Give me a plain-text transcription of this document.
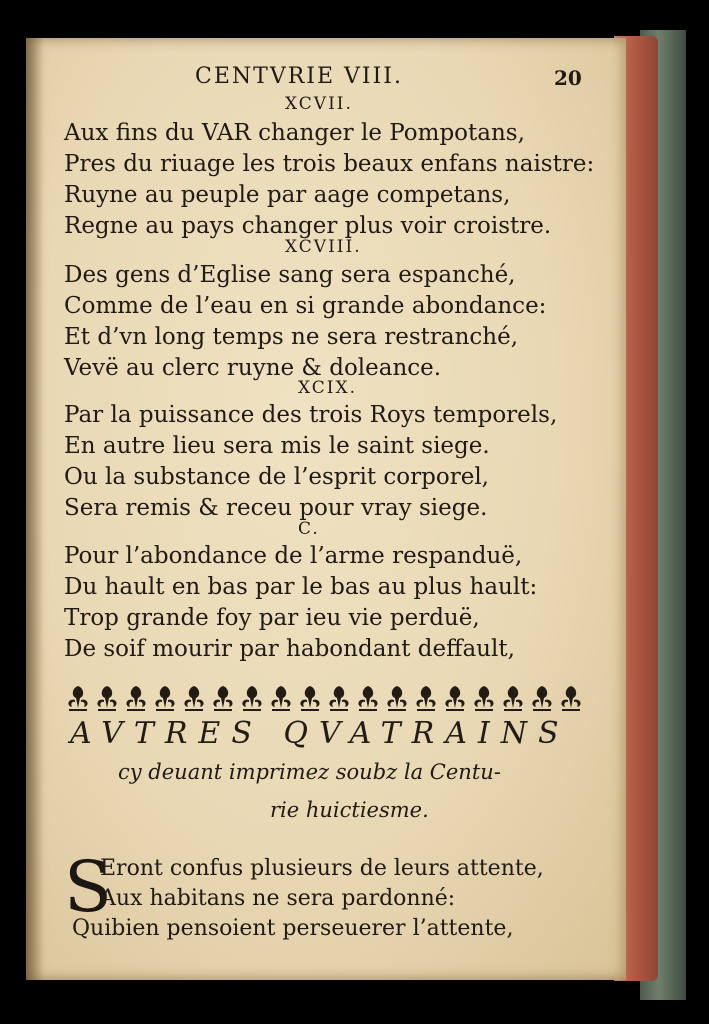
CENTVRIE VIII.	20
XCVII.
Aux fins du VAR changer le Pompotans,
Pres du riuage les trois beaux enfans naistre:
Ruyne au peuple par aage competans,
Regne au pays changer plus voir croistre.
XCVIII.
Des gens d’Eglise sang sera espanché,
Comme de l’eau en si grande abondance:
Et d’vn long temps ne sera restranché,
Vevë au clerc ruyne & doleance.
XCIX.
Par la puissance des trois Roys temporels,
En autre lieu sera mis le saint siege.
Ou la substance de l’esprit corporel,
Sera remis & receu pour vray siege.
C.
Pour l’abondance de l’arme respanduë,
Du hault en bas par le bas au plus hault:
Trop grande foy par ieu vie perduë,
De soif mourir par habondant deffault,
AVTRES QVATRAINS
cy deuant imprimez soubz la Centu-
rie huictiesme.
S
Eront confus plusieurs de leurs attente,
Aux habitans ne sera pardonné:
Quibien pensoient perseuerer l’attente,
